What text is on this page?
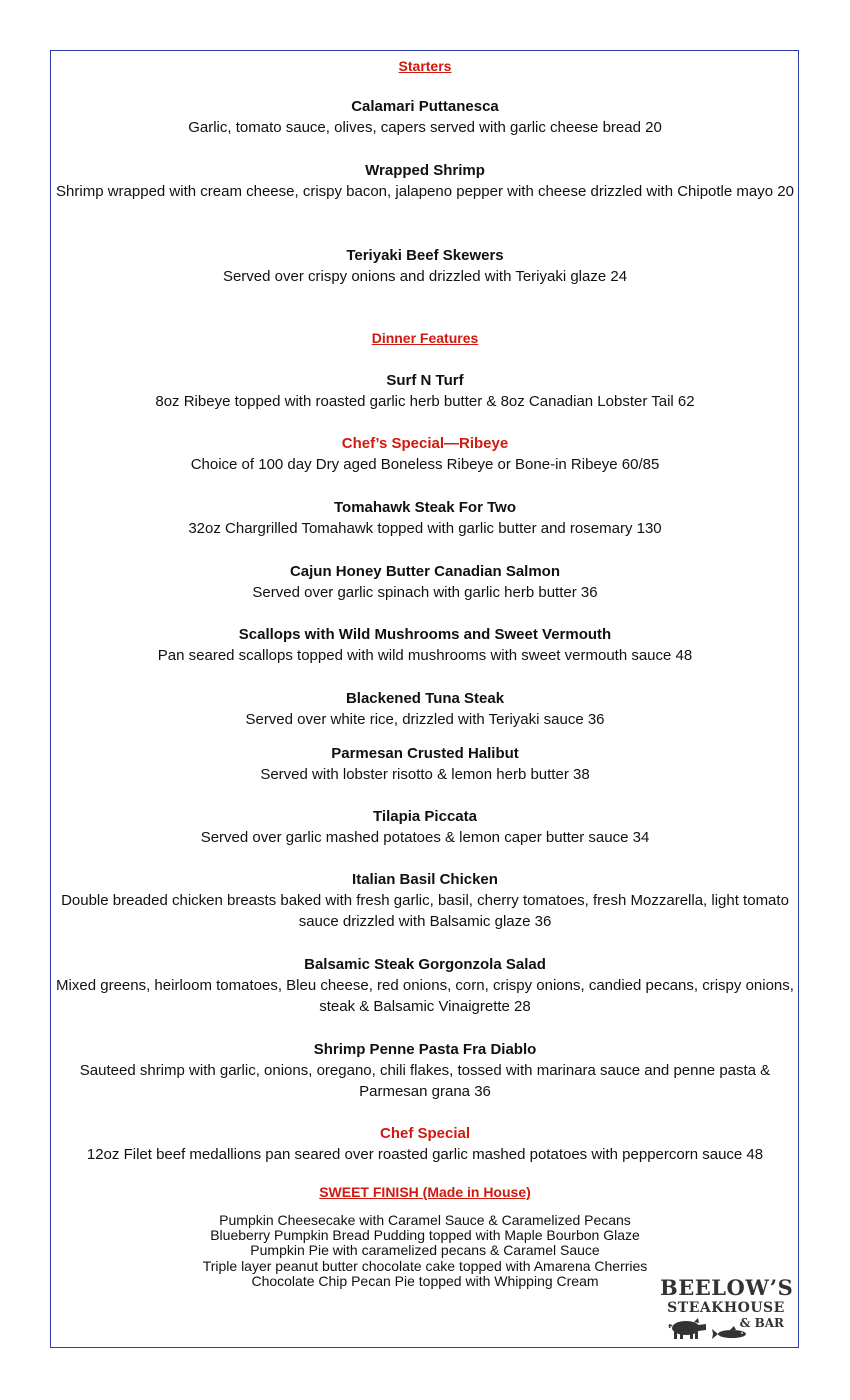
Starters
Calamari Puttanesca
Garlic, tomato sauce, olives, capers served with garlic cheese bread 20
Wrapped Shrimp
Shrimp wrapped with cream cheese, crispy bacon, jalapeno pepper with cheese drizzled with Chipotle mayo 20
Teriyaki Beef Skewers
Served over crispy onions and drizzled with Teriyaki glaze 24
Dinner Features
Surf N Turf
8oz Ribeye topped with roasted garlic herb butter & 8oz Canadian Lobster Tail 62
Chef’s Special—Ribeye
Choice of 100 day Dry aged Boneless Ribeye or Bone-in Ribeye 60/85
Tomahawk Steak For Two
32oz Chargrilled Tomahawk topped with garlic butter and rosemary 130
Cajun Honey Butter Canadian Salmon
Served over garlic spinach with garlic herb butter 36
Scallops with Wild Mushrooms and Sweet Vermouth
Pan seared scallops topped with wild mushrooms with sweet vermouth sauce 48
Blackened Tuna Steak
Served over white rice, drizzled with Teriyaki sauce 36
Parmesan Crusted Halibut
Served with lobster risotto & lemon herb butter 38
Tilapia Piccata
Served over garlic mashed potatoes & lemon caper butter sauce 34
Italian Basil Chicken
Double breaded chicken breasts baked with fresh garlic, basil, cherry tomatoes, fresh Mozzarella, light tomato sauce drizzled with Balsamic glaze 36
Balsamic Steak Gorgonzola Salad
Mixed greens, heirloom tomatoes, Bleu cheese, red onions, corn, crispy onions, candied pecans, crispy onions, steak & Balsamic Vinaigrette 28
Shrimp Penne Pasta Fra Diablo
Sauteed shrimp with garlic, onions, oregano, chili flakes, tossed with marinara sauce and penne pasta & Parmesan grana 36
Chef Special
12oz Filet beef medallions pan seared over roasted garlic mashed potatoes with peppercorn sauce 48
SWEET FINISH (Made in House)
Pumpkin Cheesecake with Caramel Sauce & Caramelized Pecans
Blueberry Pumpkin Bread Pudding topped with Maple Bourbon Glaze
Pumpkin Pie with caramelized pecans & Caramel Sauce
Triple layer peanut butter chocolate cake topped with Amarena Cherries
Chocolate Chip Pecan Pie topped with Whipping Cream	BEELOW’S
STEAKHOUSE
& BAR
